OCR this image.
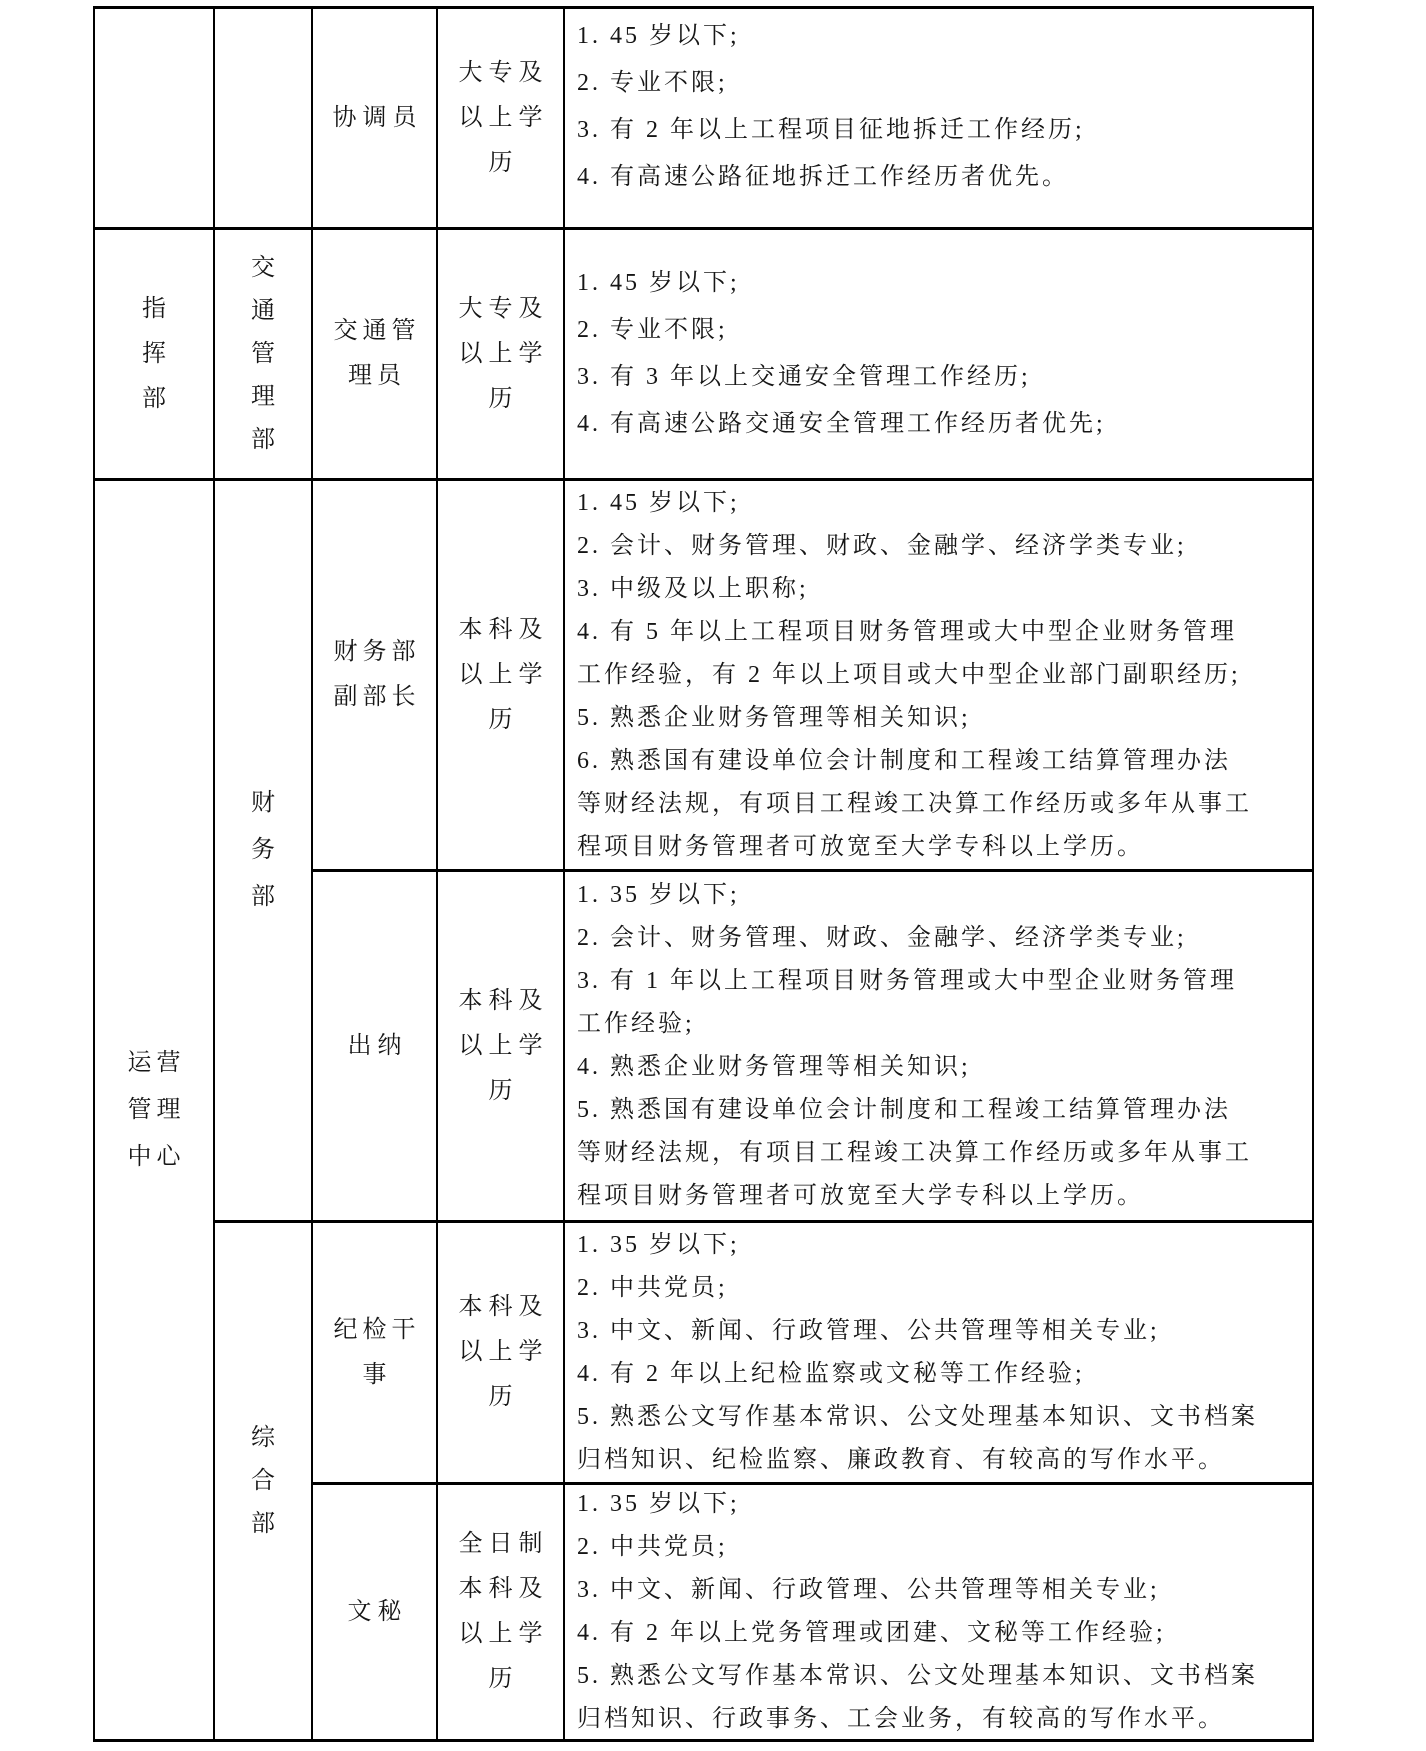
指
挥
部
运营
管理
中心
交
通
管
理
部
财
务
部
综
合
部
协调员
交通管
理员
财务部
副部长
出纳
纪检干
事
文秘
大专及
以上学
历
大专及
以上学
历
本科及
以上学
历
本科及
以上学
历
本科及
以上学
历
全日制
本科及
以上学
历
1. 45 岁以下;
2. 专业不限;
3. 有 2 年以上工程项目征地拆迁工作经历;
4. 有高速公路征地拆迁工作经历者优先。
1. 45 岁以下;
2. 专业不限;
3. 有 3 年以上交通安全管理工作经历;
4. 有高速公路交通安全管理工作经历者优先;
1. 45 岁以下;
2. 会计、财务管理、财政、金融学、经济学类专业;
3. 中级及以上职称;
4. 有 5 年以上工程项目财务管理或大中型企业财务管理
工作经验，有 2 年以上项目或大中型企业部门副职经历;
5. 熟悉企业财务管理等相关知识;
6. 熟悉国有建设单位会计制度和工程竣工结算管理办法
等财经法规，有项目工程竣工决算工作经历或多年从事工
程项目财务管理者可放宽至大学专科以上学历。
1. 35 岁以下;
2. 会计、财务管理、财政、金融学、经济学类专业;
3. 有 1 年以上工程项目财务管理或大中型企业财务管理
工作经验;
4. 熟悉企业财务管理等相关知识;
5. 熟悉国有建设单位会计制度和工程竣工结算管理办法
等财经法规，有项目工程竣工决算工作经历或多年从事工
程项目财务管理者可放宽至大学专科以上学历。
1. 35 岁以下;
2. 中共党员;
3. 中文、新闻、行政管理、公共管理等相关专业;
4. 有 2 年以上纪检监察或文秘等工作经验;
5. 熟悉公文写作基本常识、公文处理基本知识、文书档案
归档知识、纪检监察、廉政教育、有较高的写作水平。
1. 35 岁以下;
2. 中共党员;
3. 中文、新闻、行政管理、公共管理等相关专业;
4. 有 2 年以上党务管理或团建、文秘等工作经验;
5. 熟悉公文写作基本常识、公文处理基本知识、文书档案
归档知识、行政事务、工会业务，有较高的写作水平。
